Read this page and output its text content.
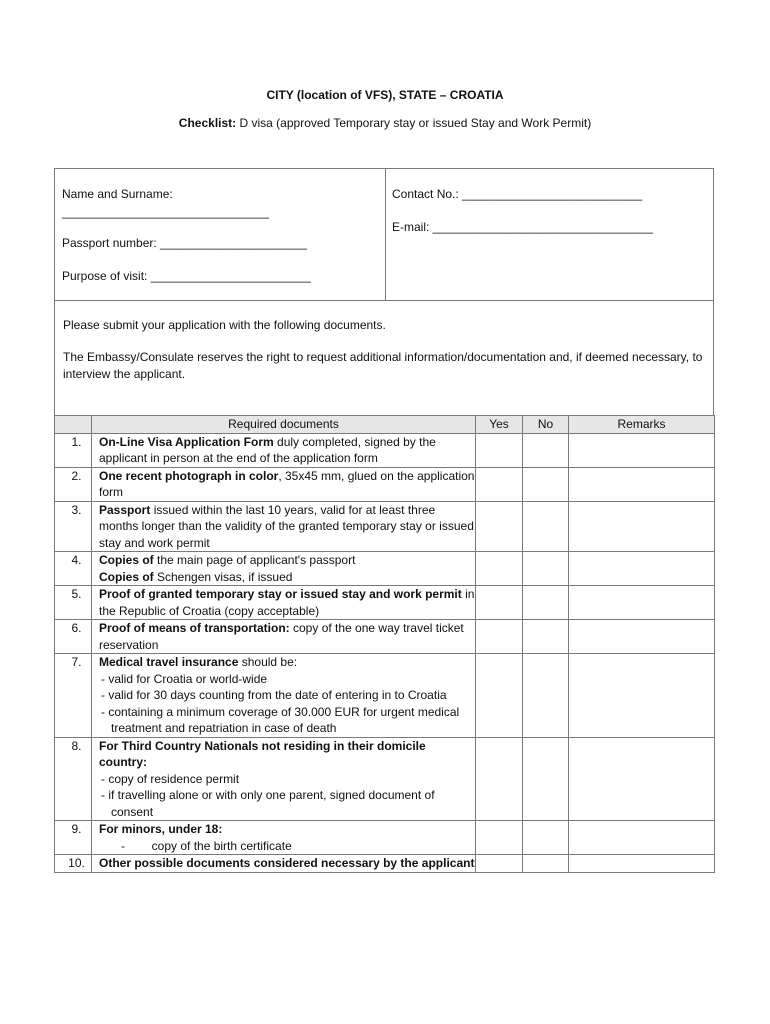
CITY (location of VFS), STATE – CROATIA
Checklist: D visa (approved Temporary stay or issued Stay and Work Permit)
Name and Surname:
_______________________________
Passport number: ______________________
Purpose of visit: ________________________
Contact No.: ___________________________
E-mail: _________________________________
Please submit your application with the following documents.
The Embassy/Consulate reserves the right to request additional information/documentation and, if deemed necessary, to interview the applicant.
	Required documents	Yes	No	Remarks
1.	On-Line Visa Application Form duly completed, signed by the applicant in person at the end of the application form			
2.	One recent photograph in color, 35x45 mm, glued on the application form			
3.	Passport issued within the last 10 years, valid for at least three months longer than the validity of the granted temporary stay or issued stay and work permit			
4.	Copies of the main page of applicant's passport
Copies of Schengen visas, if issued			
5.	Proof of granted temporary stay or issued stay and work permit in the Republic of Croatia (copy acceptable)			
6.	Proof of means of transportation: copy of the one way travel ticket reservation			
7.	Medical travel insurance should be:
- valid for Croatia or world-wide
- valid for 30 days counting from the date of entering in to Croatia
- containing a minimum coverage of 30.000 EUR for urgent medical treatment and repatriation in case of death			

8.	For Third Country Nationals not residing in their domicile country:
- copy of residence permit
- if travelling alone or with only one parent, signed document of consent			

9.	For minors, under 18:
-        copy of the birth certificate			

10.	Other possible documents considered necessary by the applicant			
